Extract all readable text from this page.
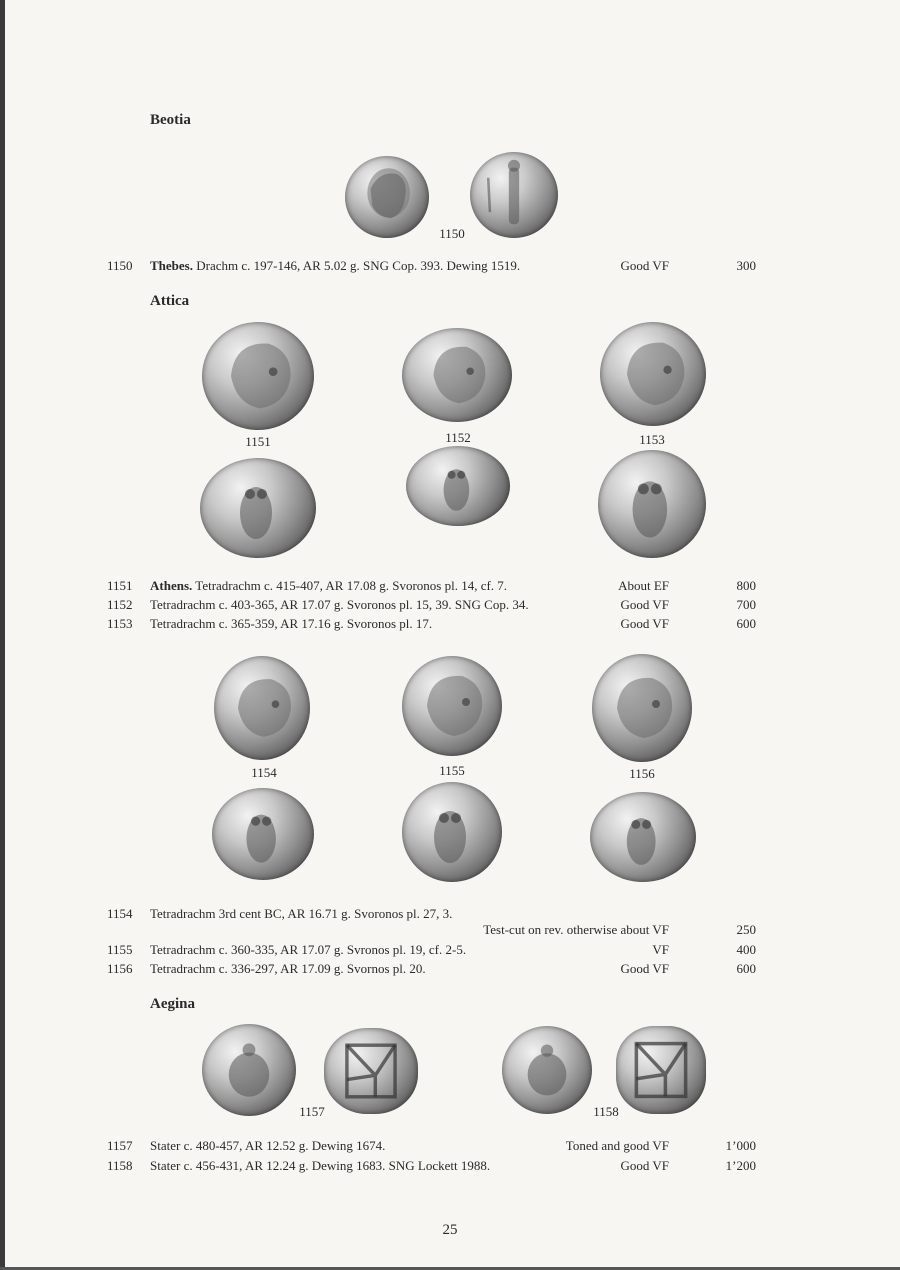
Beotia
1150
1150 Thebes. Drachm c. 197-146, AR 5.02 g. SNG Cop. 393. Dewing 1519.	Good VF	300
Attica
1151	1152	1153
1151 Athens. Tetradrachm c. 415-407, AR 17.08 g. Svoronos pl. 14, cf. 7.	About EF	800
1152 Tetradrachm c. 403-365, AR 17.07 g. Svoronos pl. 15, 39. SNG Cop. 34.	Good VF	700
1153 Tetradrachm c. 365-359, AR 17.16 g. Svoronos pl. 17.	Good VF	600
1154	1155	1156
1154 Tetradrachm 3rd cent BC, AR 16.71 g. Svoronos pl. 27, 3.
Test-cut on rev. otherwise about VF	250
1155 Tetradrachm c. 360-335, AR 17.07 g. Svronos pl. 19, cf. 2-5.	VF	400
1156 Tetradrachm c. 336-297, AR 17.09 g. Svornos pl. 20.	Good VF	600
Aegina
1157	1158
1157 Stater c. 480-457, AR 12.52 g. Dewing 1674.	Toned and good VF	1’000
1158 Stater c. 456-431, AR 12.24 g. Dewing 1683. SNG Lockett 1988.	Good VF	1’200
25
